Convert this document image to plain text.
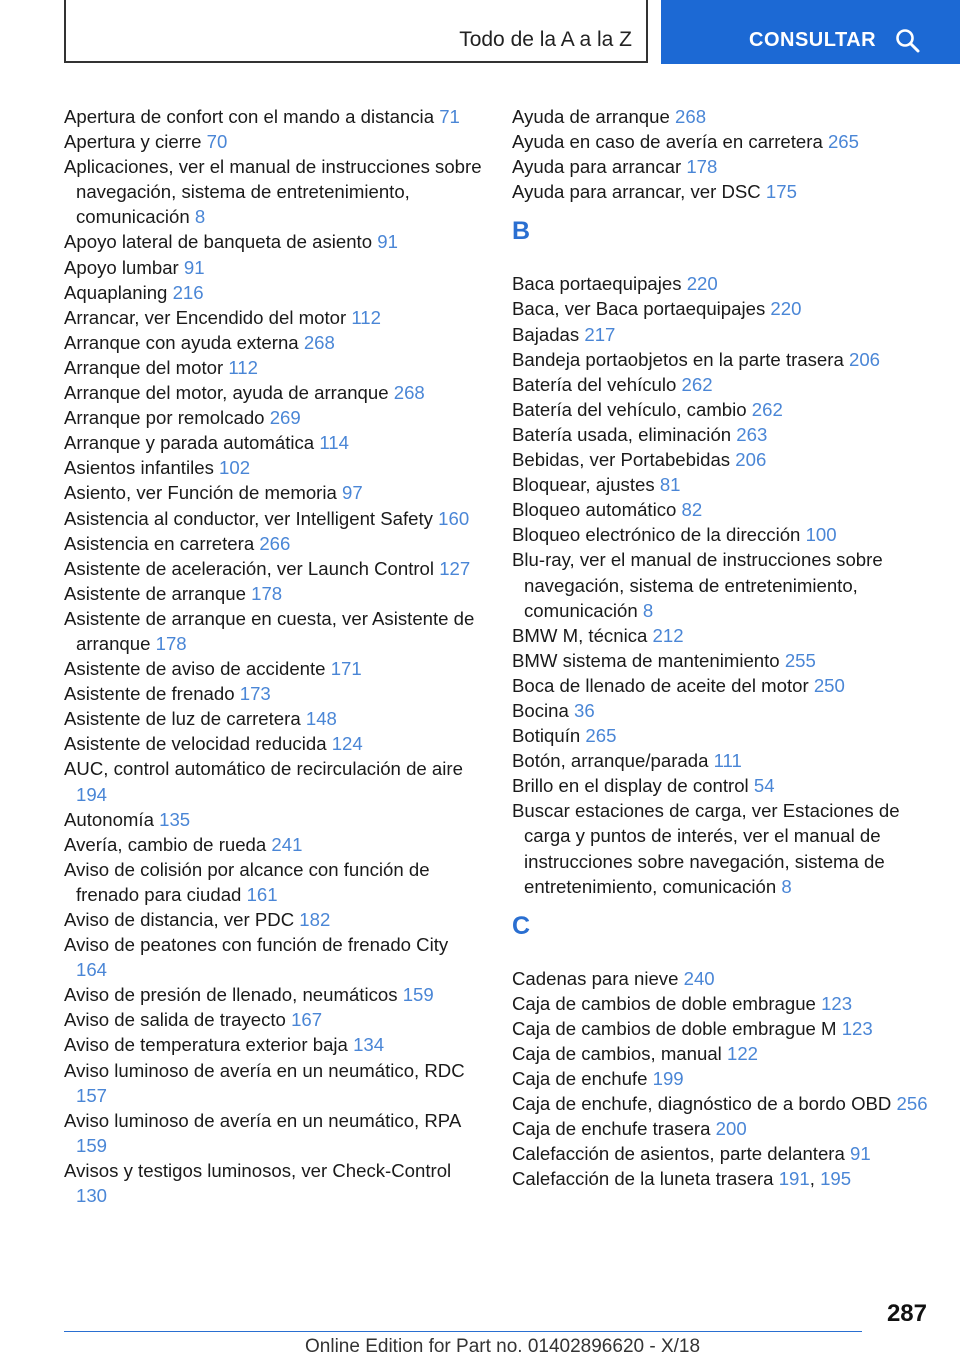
Todo de la A a la Z	CONSULTAR
Apertura de confort con el mando a distancia 71
Apertura y cierre 70
Aplicaciones, ver el manual de instrucciones sobre navegación, sistema de entretenimiento, comunicación 8
Apoyo lateral de banqueta de asiento 91
Apoyo lumbar 91
Aquaplaning 216
Arrancar, ver Encendido del motor 112
Arranque con ayuda externa 268
Arranque del motor 112
Arranque del motor, ayuda de arranque 268
Arranque por remolcado 269
Arranque y parada automática 114
Asientos infantiles 102
Asiento, ver Función de memoria 97
Asistencia al conductor, ver Intelligent Safety 160
Asistencia en carretera 266
Asistente de aceleración, ver Launch Control 127
Asistente de arranque 178
Asistente de arranque en cuesta, ver Asistente de arranque 178
Asistente de aviso de accidente 171
Asistente de frenado 173
Asistente de luz de carretera 148
Asistente de velocidad reducida 124
AUC, control automático de recirculación de aire 194
Autonomía 135
Avería, cambio de rueda 241
Aviso de colisión por alcance con función de frenado para ciudad 161
Aviso de distancia, ver PDC 182
Aviso de peatones con función de frenado City 164
Aviso de presión de llenado, neumáticos 159
Aviso de salida de trayecto 167
Aviso de temperatura exterior baja 134
Aviso luminoso de avería en un neumático, RDC 157
Aviso luminoso de avería en un neumático, RPA 159
Avisos y testigos luminosos, ver Check-Control 130
Ayuda de arranque 268
Ayuda en caso de avería en carretera 265
Ayuda para arrancar 178
Ayuda para arrancar, ver DSC 175
B
Baca portaequipajes 220
Baca, ver Baca portaequipajes 220
Bajadas 217
Bandeja portaobjetos en la parte trasera 206
Batería del vehículo 262
Batería del vehículo, cambio 262
Batería usada, eliminación 263
Bebidas, ver Portabebidas 206
Bloquear, ajustes 81
Bloqueo automático 82
Bloqueo electrónico de la dirección 100
Blu-ray, ver el manual de instrucciones sobre navegación, sistema de entretenimiento, comunicación 8
BMW M, técnica 212
BMW sistema de mantenimiento 255
Boca de llenado de aceite del motor 250
Bocina 36
Botiquín 265
Botón, arranque/parada 111
Brillo en el display de control 54
Buscar estaciones de carga, ver Estaciones de carga y puntos de interés, ver el manual de instrucciones sobre navegación, sistema de entretenimiento, comunicación 8
C
Cadenas para nieve 240
Caja de cambios de doble embrague 123
Caja de cambios de doble embrague M 123
Caja de cambios, manual 122
Caja de enchufe 199
Caja de enchufe, diagnóstico de a bordo OBD 256
Caja de enchufe trasera 200
Calefacción de asientos, parte delantera 91
Calefacción de la luneta trasera 191, 195
287
Online Edition for Part no. 01402896620 - X/18
